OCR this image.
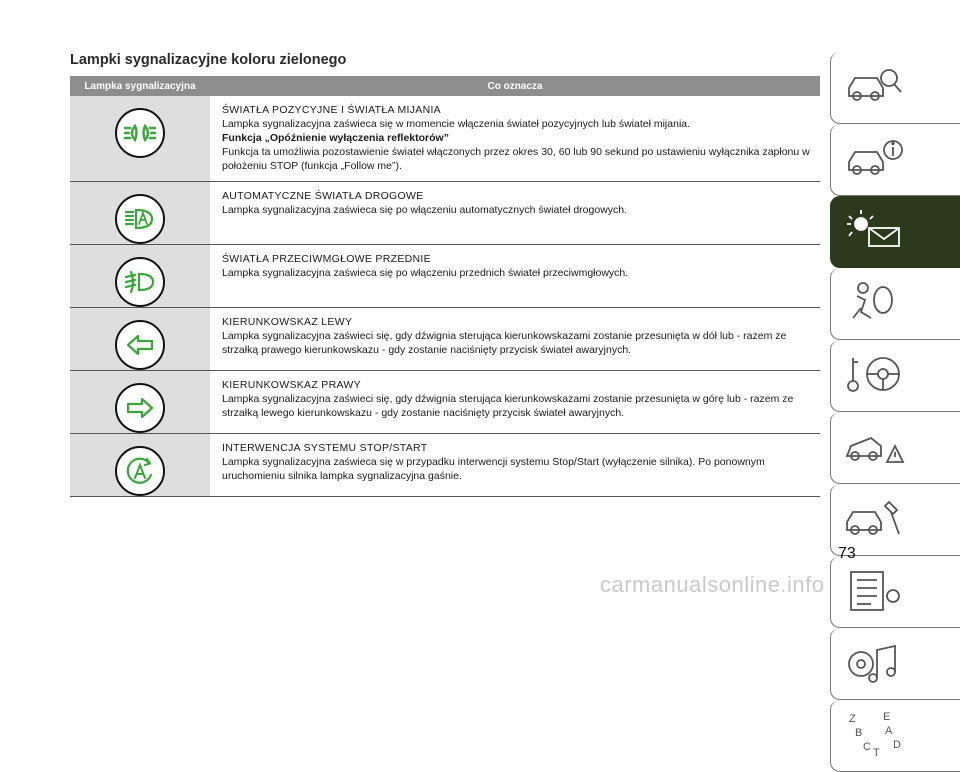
Lampki sygnalizacyjne koloru zielonego
Lampka sygnalizacyjna	Co oznacza
ŚWIATŁA POZYCYJNE I ŚWIATŁA MIJANIA
Lampka sygnalizacyjna zaświeca się w momencie włączenia świateł pozycyjnych lub świateł mijania.
Funkcja „Opóźnienie wyłączenia reflektorów”
Funkcja ta umożliwia pozostawienie świateł włączonych przez okres 30, 60 lub 90 sekund po ustawieniu wyłącznika zapłonu w położeniu STOP (funkcja „Follow me”).
AUTOMATYCZNE ŚWIATŁA DROGOWE
Lampka sygnalizacyjna zaświeca się po włączeniu automatycznych świateł drogowych.
ŚWIATŁA PRZECIWMGŁOWE PRZEDNIE
Lampka sygnalizacyjna zaświeca się po włączeniu przednich świateł przeciwmgłowych.
KIERUNKOWSKAZ LEWY
Lampka sygnalizacyjna zaświeci się, gdy dźwignia sterująca kierunkowskazami zostanie przesunięta w dół lub - razem ze strzałką prawego kierunkowskazu - gdy zostanie naciśnięty przycisk świateł awaryjnych.
KIERUNKOWSKAZ PRAWY
Lampka sygnalizacyjna zaświeci się, gdy dźwignia sterująca kierunkowskazami zostanie przesunięta w górę lub - razem ze strzałką lewego kierunkowskazu - gdy zostanie naciśnięty przycisk świateł awaryjnych.
INTERWENCJA SYSTEMU STOP/START
Lampka sygnalizacyjna zaświeca się w przypadku interwencji systemu Stop/Start (wyłączenie silnika). Po ponownym uruchomieniu silnika lampka sygnalizacyjna gaśnie.
Z E
B A
C T
D
73
carmanualsonline.info
